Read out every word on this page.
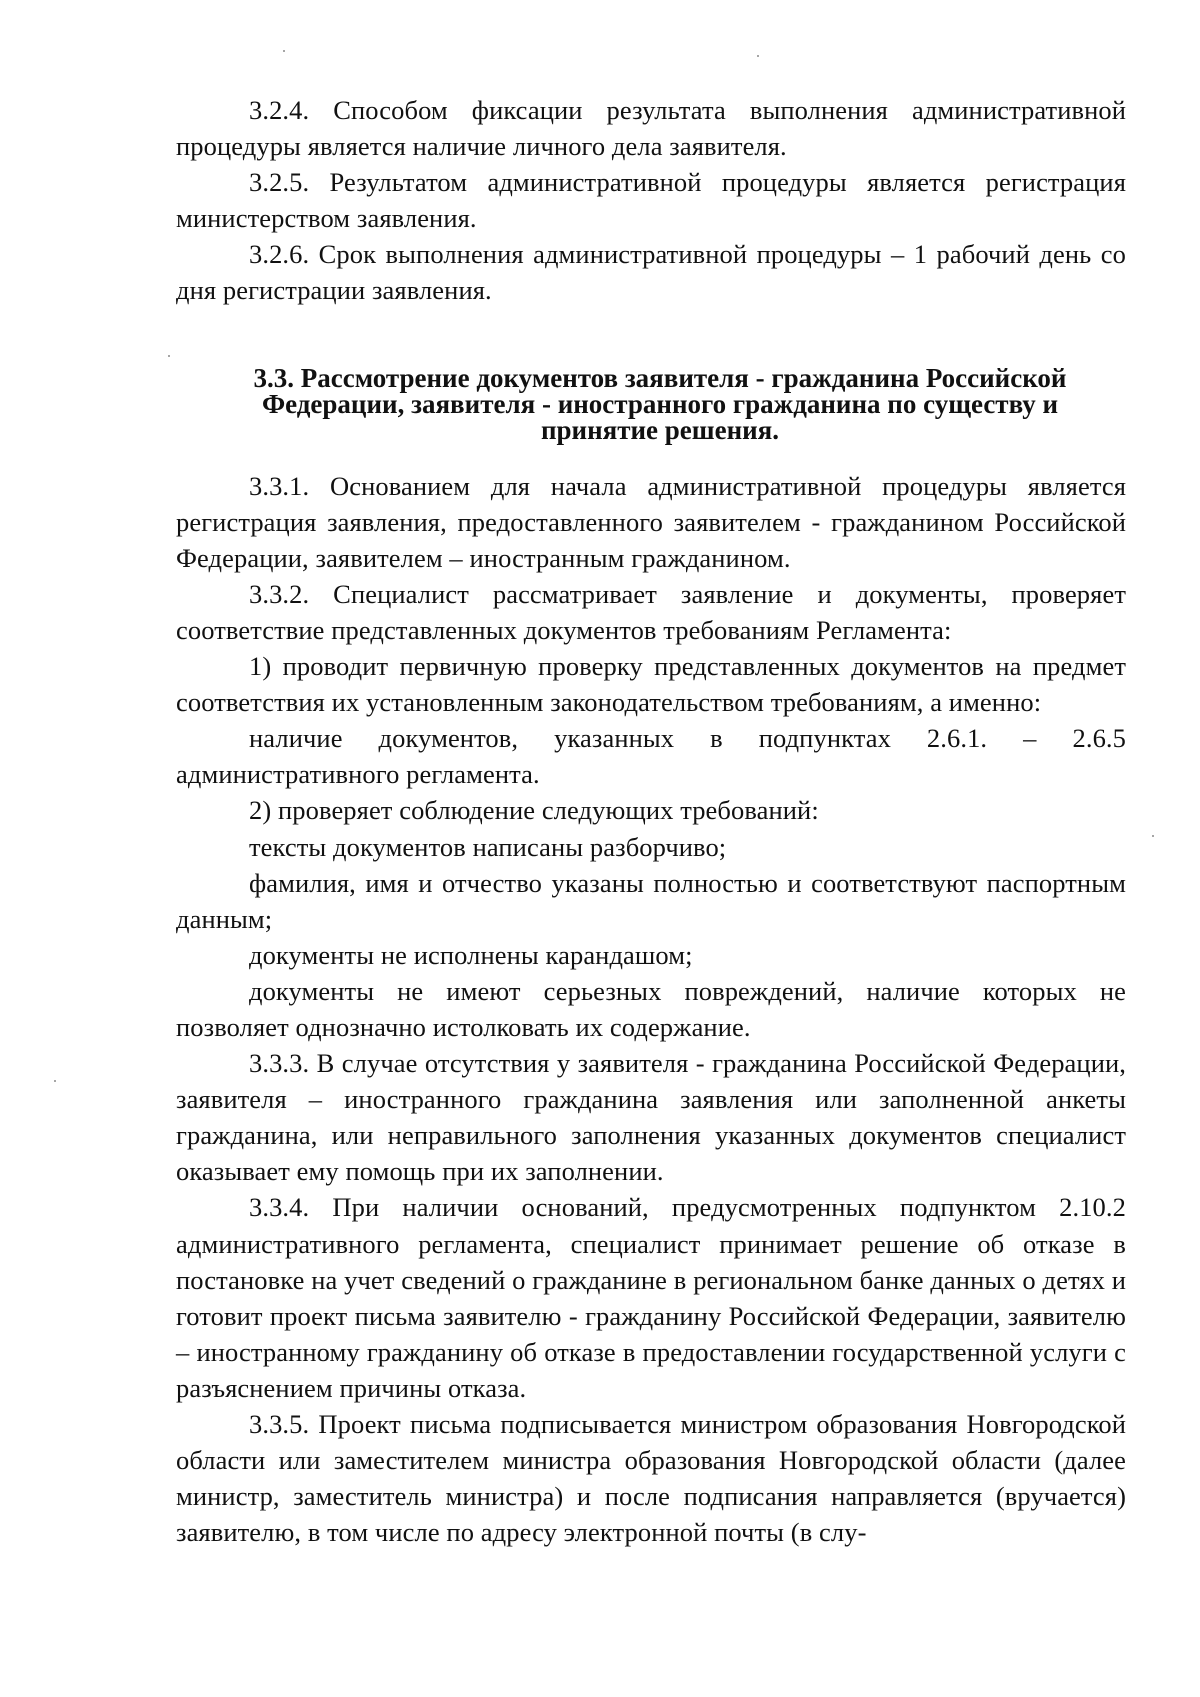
3.2.4. Способом фиксации результата выполнения административной процедуры является наличие личного дела заявителя.

3.2.5. Результатом административной процедуры является регистрация министерством заявления.

3.2.6. Срок выполнения административной процедуры – 1 рабочий день со дня регистрации заявления.

3.3. Рассмотрение документов заявителя - гражданина Российской
Федерации, заявителя - иностранного гражданина по существу и
принятие решения.

3.3.1. Основанием для начала административной процедуры является регистрация заявления, предоставленного заявителем - гражданином Российской Федерации, заявителем – иностранным гражданином.

3.3.2. Специалист рассматривает заявление и документы, проверяет соответствие представленных документов требованиям Регламента:

1) проводит первичную проверку представленных документов на предмет соответствия их установленным законодательством требованиям, а именно:

наличие документов, указанных в подпунктах 2.6.1. – 2.6.5 административного регламента.

2) проверяет соблюдение следующих требований:

тексты документов написаны разборчиво;

фамилия, имя и отчество указаны полностью и соответствуют паспортным данным;

документы не исполнены карандашом;

документы не имеют серьезных повреждений, наличие которых не позволяет однозначно истолковать их содержание.

3.3.3. В случае отсутствия у заявителя - гражданина Российской Федерации, заявителя – иностранного гражданина заявления или заполненной анкеты гражданина, или неправильного заполнения указанных документов специалист оказывает ему помощь при их заполнении.

3.3.4. При наличии оснований, предусмотренных подпунктом 2.10.2 административного регламента, специалист принимает решение об отказе в постановке на учет сведений о гражданине в региональном банке данных о детях и готовит проект письма заявителю - гражданину Российской Федерации, заявителю – иностранному гражданину об отказе в предоставлении государственной услуги с разъяснением причины отказа.

3.3.5. Проект письма подписывается министром образования Новгородской области или заместителем министра образования Новгородской области (далее министр, заместитель министра) и после подписания направляется (вручается) заявителю, в том числе по адресу электронной почты (в слу-
